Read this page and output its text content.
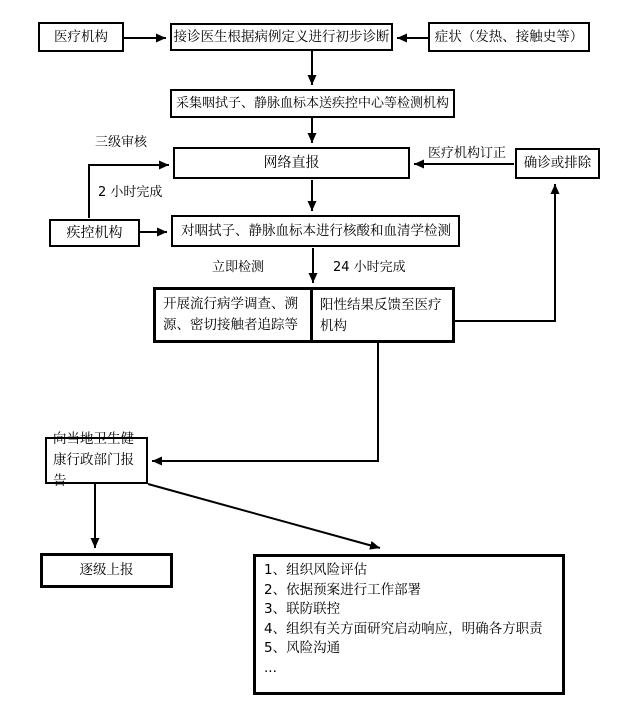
医疗机构	接诊医生根据病例定义进行初步诊断	症状（发热、接触史等）
采集咽拭子、静脉血标本送疾控中心等检测机构
三级审核
网络直报
医疗机构订正
确诊或排除
2 小时完成
疾控机构	对咽拭子、静脉血标本进行核酸和血清学检测
立即检测	24 小时完成
开展流行病学调查、溯源、密切接触者追踪等
阳性结果反馈至医疗机构
向当地卫生健康行政部门报告
逐级上报	1、组织风险评估
2、依据预案进行工作部署
3、联防联控
4、组织有关方面研究启动响应，明确各方职责
5、风险沟通
...
